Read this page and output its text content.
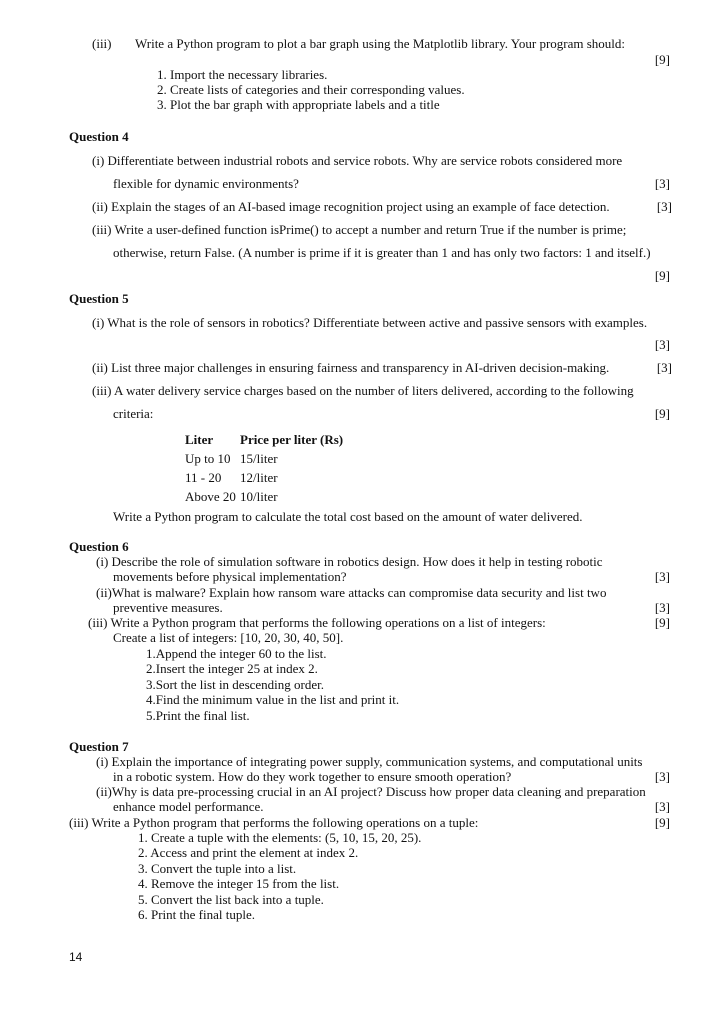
(iii) Write a Python program to plot a bar graph using the Matplotlib library. Your program should:
[9]
1. Import the necessary libraries.
2. Create lists of categories and their corresponding values.
3. Plot the bar graph with appropriate labels and a title
Question 4
(i) Differentiate between industrial robots and service robots. Why are service robots considered more
flexible for dynamic environments?	[3]
(ii) Explain the stages of an AI-based image recognition project using an example of face detection.	[3]
(iii) Write a user-defined function isPrime() to accept a number and return True if the number is prime;
otherwise, return False. (A number is prime if it is greater than 1 and has only two factors: 1 and itself.)
[9]
Question 5
(i) What is the role of sensors in robotics? Differentiate between active and passive sensors with examples.
[3]
(ii) List three major challenges in ensuring fairness and transparency in AI-driven decision-making.	[3]
(iii) A water delivery service charges based on the number of liters delivered, according to the following
criteria:	[9]
Liter Price per liter (Rs)
Up to 10 15/liter
11 - 20 12/liter
Above 20 10/liter
Write a Python program to calculate the total cost based on the amount of water delivered.
Question 6
(i) Describe the role of simulation software in robotics design. How does it help in testing robotic
movements before physical implementation?	[3]
(ii)What is malware? Explain how ransom ware attacks can compromise data security and list two
preventive measures.	[3]
(iii) Write a Python program that performs the following operations on a list of integers:	[9]
Create a list of integers: [10, 20, 30, 40, 50].
1.Append the integer 60 to the list.
2.Insert the integer 25 at index 2.
3.Sort the list in descending order.
4.Find the minimum value in the list and print it.
5.Print the final list.
Question 7
(i) Explain the importance of integrating power supply, communication systems, and computational units
in a robotic system. How do they work together to ensure smooth operation?	[3]
(ii)Why is data pre-processing crucial in an AI project? Discuss how proper data cleaning and preparation
enhance model performance.	[3]
(iii) Write a Python program that performs the following operations on a tuple:	[9]
1. Create a tuple with the elements: (5, 10, 15, 20, 25).
2. Access and print the element at index 2.
3. Convert the tuple into a list.
4. Remove the integer 15 from the list.
5. Convert the list back into a tuple.
6. Print the final tuple.
14
